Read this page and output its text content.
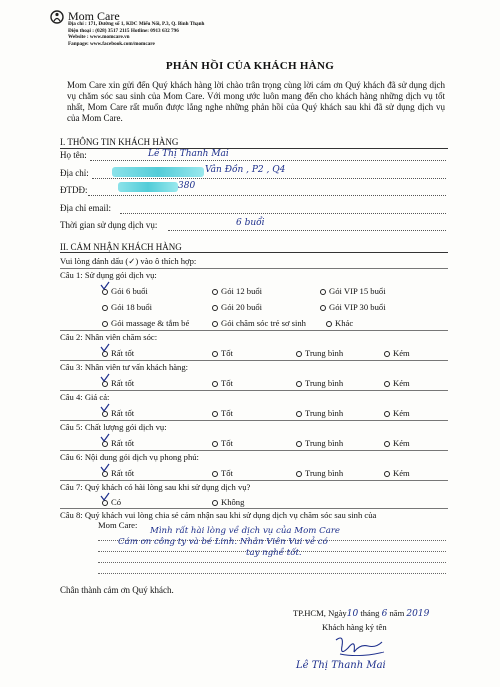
Mom Care
Địa chỉ : 171, Đường số 1, KDC Miếu Nổi, P.3, Q. Bình Thạnh
Điện thoại : (028) 3517 2115 Hotline: 0913 632 796
Website : www.momcare.vn
Fanpage: www.facebook.com/momcare
PHẢN HỒI CỦA KHÁCH HÀNG
Mom Care xin gửi đến Quý khách hàng lời chào trân trọng cùng lời cám ơn Quý khách đã sử dụng dịch vụ chăm sóc sau sinh của Mom Care. Với mong ước luôn mang đến cho khách hàng những dịch vụ tốt nhất, Mom Care rất muốn được lắng nghe những phản hồi của Quý khách sau khi đã sử dụng dịch vụ của Mom Care.
I. THÔNG TIN KHÁCH HÀNG
Họ tên:	Lê Thị Thanh Mai
Địa chỉ:	Vân Đồn , P2 , Q4
ĐTDĐ:	380
Địa chỉ email:
Thời gian sử dụng dịch vụ:	6 buổi
II. CẢM NHẬN KHÁCH HÀNG
Vui lòng đánh dấu (✓) vào ô thích hợp:
Câu 1: Sử dụng gói dịch vụ:
Gói 6 buổi	Gói 12 buổi	Gói VIP 15 buổi
Gói 18 buổi	Gói 20 buổi	Gói VIP 30 buổi
Gói massage & tắm bé	Gói chăm sóc trẻ sơ sinh	Khác
Câu 2: Nhân viên chăm sóc:
Rất tốt	Tốt	Trung bình	Kém
Câu 3: Nhân viên tư vấn khách hàng:
Rất tốt	Tốt	Trung bình	Kém
Câu 4: Giá cả:
Rất tốt	Tốt	Trung bình	Kém
Câu 5: Chất lượng gói dịch vụ:
Rất tốt	Tốt	Trung bình	Kém
Câu 6: Nội dung gói dịch vụ phong phú:
Rất tốt	Tốt	Trung bình	Kém
Câu 7: Quý khách có hài lòng sau khi sử dụng dịch vụ?
Có	Không
Câu 8: Quý khách vui lòng chia sẻ cảm nhận sau khi sử dụng dịch vụ chăm sóc sau sinh của
Mom Care:
Mình rất hài lòng về dịch vụ của Mom Care
Cám ơn công ty và bé Linh. Nhân Viên Vui vẻ có
tay nghề tốt.
Chân thành cảm ơn Quý khách.
TP.HCM, Ngày10 tháng 6 năm 2019
Khách hàng ký tên
Lê Thị Thanh Mai
